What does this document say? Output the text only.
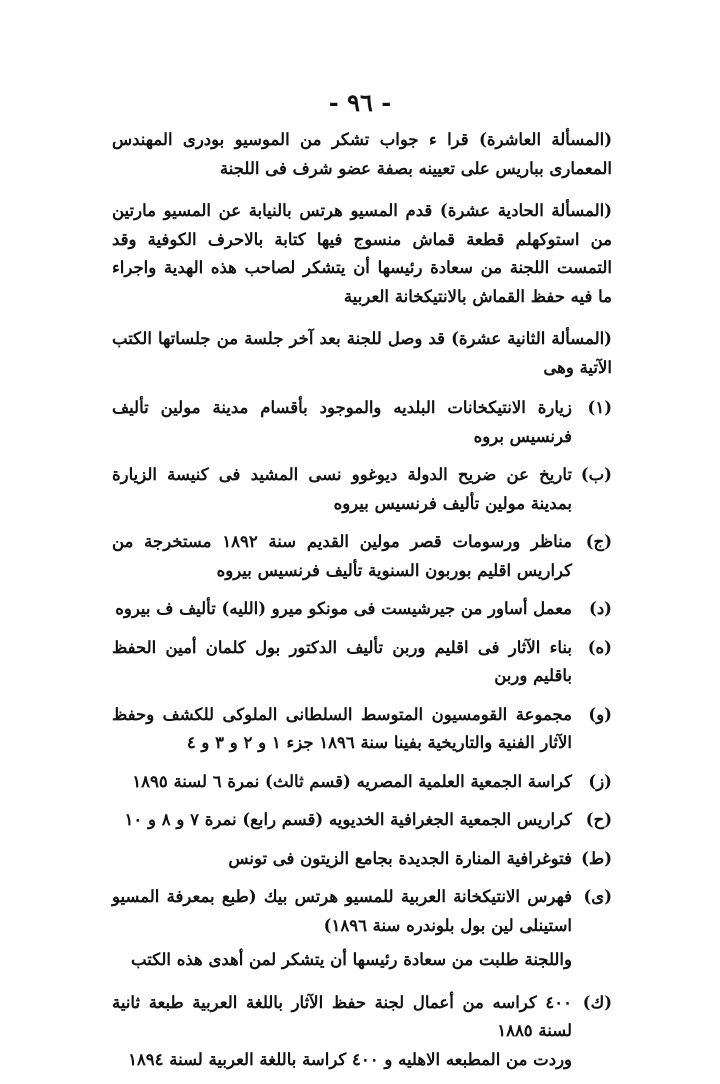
- ٩٦ -

(المسألة العاشرة) قرا ء جواب تشكر من الموسيو بودرى المهندس المعمارى بباريس على تعيينه بصفة عضو شرف فى اللجنة

(المسألة الحادية عشرة) قدم المسيو هرتس بالنيابة عن المسيو مارتين من استوكهلم قطعة قماش منسوج فيها كتابة بالاحرف الكوفية وقد التمست اللجنة من سعادة رئيسها أن يتشكر لصاحب هذه الهدية واجراء ما فيه حفظ القماش بالانتيكخانة العربية

(المسألة الثانية عشرة) قد وصل للجنة بعد آخر جلسة من جلساتها الكتب الآتية وهى

(١)
زيارة الانتيكخانات البلديه والموجود بأقسام مدينة مولين تأليف فرنسيس بروه
(ب)
تاريخ عن ضريح الدولة ديوغوو نسى المشيد فى كنيسة الزيارة بمدينة مولين تأليف فرنسيس بيروه
(ج)
مناظر ورسومات قصر مولين القديم سنة ١٨٩٢ مستخرجة من كراريس اقليم بوربون السنوية تأليف فرنسيس بيروه
(د)
معمل أساور من جيرشيست فى مونكو ميرو (الليه) تأليف ف بيروه
(ه)
بناء الآثار فى اقليم وربن تأليف الدكتور بول كلمان أمين الحفظ باقليم وربن
(و)
مجموعة القومسيون المتوسط السلطانى الملوكى للكشف وحفظ الآثار الفنية والتاريخية بفينا سنة ١٨٩٦ جزء ١ و ٢ و ٣ و ٤
(ز)
كراسة الجمعية العلمية المصريه (قسم ثالث) نمرة ٦ لسنة ١٨٩٥
(ح)
كراريس الجمعية الجغرافية الخديويه (قسم رابع) نمرة ٧ و ٨ و ١٠
(ط)
فتوغرافية المنارة الجديدة بجامع الزيتون فى تونس
(ى)
فهرس الانتيكخانة العربية للمسيو هرتس بيك (طبع بمعرفة المسيو استينلى لين بول بلوندره سنة ١٨٩٦)

واللجنة طلبت من سعادة رئيسها أن يتشكر لمن أهدى هذه الكتب

(ك)
٤٠٠ كراسه من أعمال لجنة حفظ الآثار باللغة العربية طبعة ثانية لسنة ١٨٨٥
وردت من المطبعه الاهليه و ٤٠٠ كراسة باللغة العربية لسنة ١٨٩٤
